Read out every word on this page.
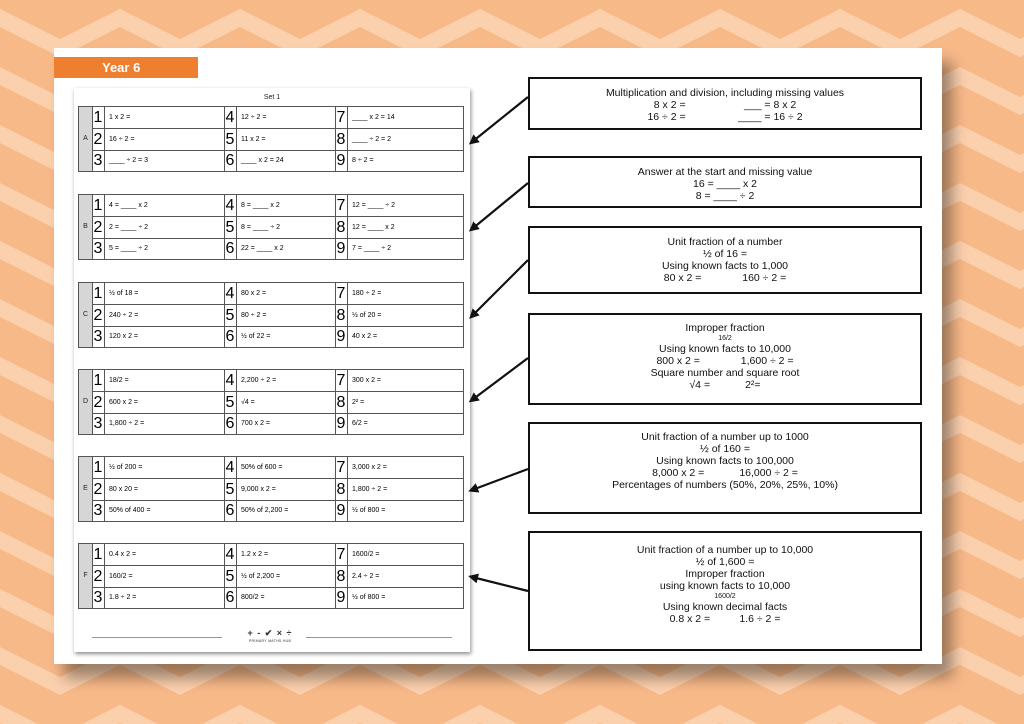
Year 6
Set 1
A
1 1 x 2 =	4 12 ÷ 2 =	7 ____ x 2 = 14
2 16 ÷ 2 =	5 11 x 2 =	8 ____ ÷ 2 = 2
3 ____ ÷ 2 = 3	6 ____ x 2 = 24	9 8 ÷ 2 =
B
1 4 = ____ x 2	4 8 = ____ x 2	7 12 = ____ ÷ 2
2 2 = ____ ÷ 2	5 8 = ____ ÷ 2	8 12 = ____ x 2
3 5 = ____ ÷ 2	6 22 = ____ x 2	9 7 = ____ ÷ 2
C
1 ½ of 18 =	4 80 x 2 =	7 180 ÷ 2 =
2 240 ÷ 2 =	5 80 ÷ 2 =	8 ½ of 20 =
3 120 x 2 =	6 ½ of 22 =	9 40 x 2 =
D
1 18/2 =	4 2,200 ÷ 2 =	7 300 x 2 =
2 600 x 2 =	5 √4 =	8 2² =
3 1,800 ÷ 2 =	6 700 x 2 =	9 6/2 =
E
1 ½ of 200 =	4 50% of 600 =	7 3,000 x 2 =
2 80 x 20 =	5 9,000 x 2 =	8 1,800 ÷ 2 =
3 50% of 400 =	6 50% of 2,200 =	9 ½ of 800 =
F
1 0.4 x 2 =	4 1.2 x 2 =	7 1600/2 =
2 160/2 =	5 ½ of 2,200 =	8 2.4 ÷ 2 =
3 1.8 ÷ 2 =	6 800/2 =	9 ½ of 800 =
+ - ✔ × ÷
PRIMARY MATHS HUB
Multiplication and division, including missing values
8 x 2 =                    ___ = 8 x 2
16 ÷ 2 =                  ____ = 16 ÷ 2
Answer at the start and missing value
16 = ____ x 2
8 = ____ ÷ 2
Unit fraction of a number
½ of 16 =
Using known facts to 1,000
80 x 2 =              160 ÷ 2 =
Improper fraction
16/2
Using known facts to 10,000
800 x 2 =              1,600 ÷ 2 =
Square number and square root
√4 =            2²=
Unit fraction of a number up to 1000
½ of 160 =
Using known facts to 100,000
8,000 x 2 =            16,000 ÷ 2 =
Percentages of numbers (50%, 20%, 25%, 10%)
Unit fraction of a number up to 10,000
½ of 1,600 =
Improper fraction
using known facts to 10,000
1600/2
Using known decimal facts
0.8 x 2 =          1.6 ÷ 2 =
